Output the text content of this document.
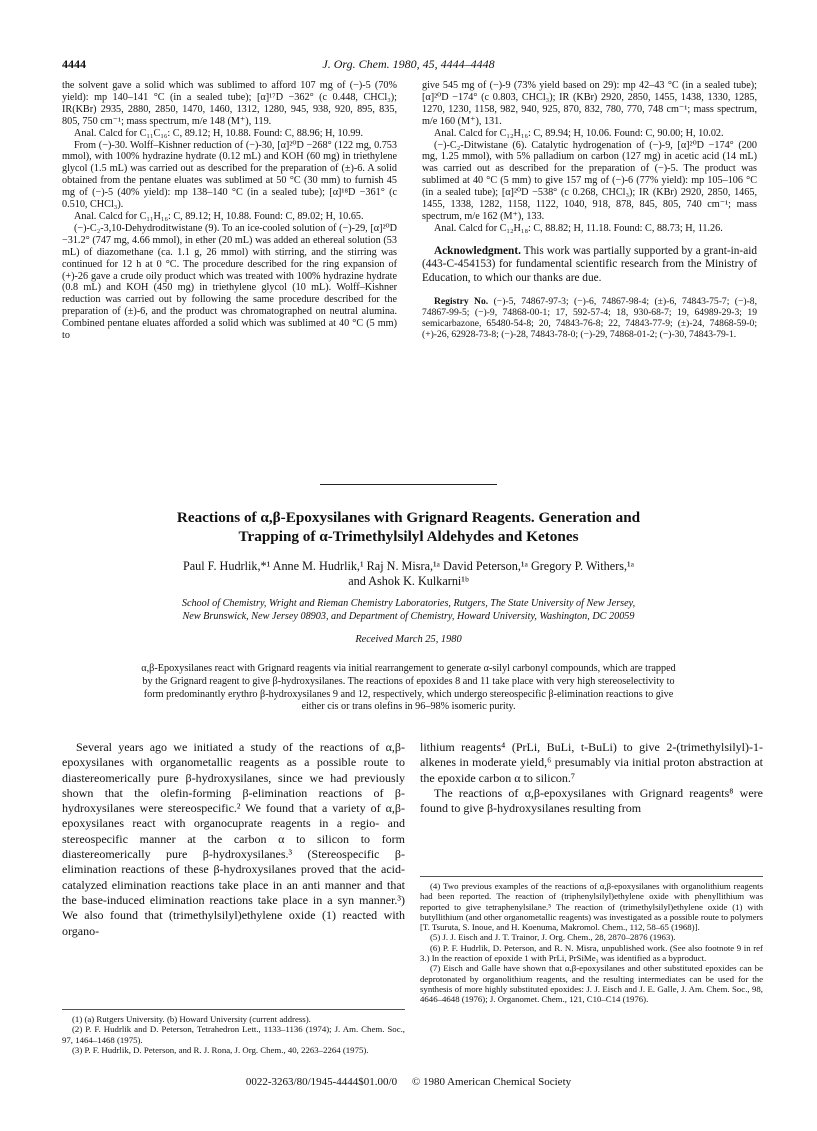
4444	J. Org. Chem. 1980, 45, 4444–4448

the solvent gave a solid which was sublimed to afford 107 mg of (−)-5 (70% yield): mp 140–141 °C (in a sealed tube); [α]¹⁷D −362° (c 0.448, CHCl₃); IR(KBr) 2935, 2880, 2850, 1470, 1460, 1312, 1280, 945, 938, 920, 895, 835, 805, 750 cm⁻¹; mass spectrum, m/e 148 (M⁺), 119.

Anal. Calcd for C₁₁C₁₆: C, 89.12; H, 10.88. Found: C, 88.96; H, 10.99.

From (−)-30. Wolff–Kishner reduction of (−)-30, [α]²⁰D −268° (122 mg, 0.753 mmol), with 100% hydrazine hydrate (0.12 mL) and KOH (60 mg) in triethylene glycol (1.5 mL) was carried out as described for the preparation of (±)-6. A solid obtained from the pentane eluates was sublimed at 50 °C (30 mm) to furnish 45 mg of (−)-5 (40% yield): mp 138–140 °C (in a sealed tube); [α]¹⁸D −361° (c 0.510, CHCl₃).

Anal. Calcd for C₁₁H₁₆: C, 89.12; H, 10.88. Found: C, 89.02; H, 10.65.

(−)-C₂-3,10-Dehydroditwistane (9). To an ice-cooled solution of (−)-29, [α]²⁰D −31.2° (747 mg, 4.66 mmol), in ether (20 mL) was added an ethereal solution (53 mL) of diazomethane (ca. 1.1 g, 26 mmol) with stirring, and the stirring was continued for 12 h at 0 °C. The procedure described for the ring expansion of (+)-26 gave a crude oily product which was treated with 100% hydrazine hydrate (0.8 mL) and KOH (450 mg) in triethylene glycol (10 mL). Wolff–Kishner reduction was carried out by following the same procedure described for the preparation of (±)-6, and the product was chromatographed on neutral alumina. Combined pentane eluates afforded a solid which was sublimed at 40 °C (5 mm) to

give 545 mg of (−)-9 (73% yield based on 29): mp 42–43 °C (in a sealed tube); [α]²⁰D −174° (c 0.803, CHCl₃); IR (KBr) 2920, 2850, 1455, 1438, 1330, 1285, 1270, 1230, 1158, 982, 940, 925, 870, 832, 780, 770, 748 cm⁻¹; mass spectrum, m/e 160 (M⁺), 131.

Anal. Calcd for C₁₂H₁₆: C, 89.94; H, 10.06. Found: C, 90.00; H, 10.02.

(−)-C₂-Ditwistane (6). Catalytic hydrogenation of (−)-9, [α]²⁰D −174° (200 mg, 1.25 mmol), with 5% palladium on carbon (127 mg) in acetic acid (14 mL) was carried out as described for the preparation of (−)-5. The product was sublimed at 40 °C (5 mm) to give 157 mg of (−)-6 (77% yield): mp 105–106 °C (in a sealed tube); [α]²⁰D −538° (c 0.268, CHCl₃); IR (KBr) 2920, 2850, 1465, 1455, 1338, 1282, 1158, 1122, 1040, 918, 878, 845, 805, 740 cm⁻¹; mass spectrum, m/e 162 (M⁺), 133.

Anal. Calcd for C₁₂H₁₈: C, 88.82; H, 11.18. Found: C, 88.73; H, 11.26.

Acknowledgment. This work was partially supported by a grant-in-aid (443-C-454153) for fundamental scientific research from the Ministry of Education, to which our thanks are due.

Registry No. (−)-5, 74867-97-3; (−)-6, 74867-98-4; (±)-6, 74843-75-7; (−)-8, 74867-99-5; (−)-9, 74868-00-1; 17, 592-57-4; 18, 930-68-7; 19, 64989-29-3; 19 semicarbazone, 65480-54-8; 20, 74843-76-8; 22, 74843-77-9; (±)-24, 74868-59-0; (+)-26, 62928-73-8; (−)-28, 74843-78-0; (−)-29, 74868-01-2; (−)-30, 74843-79-1.

Reactions of α,β-Epoxysilanes with Grignard Reagents. Generation and
Trapping of α-Trimethylsilyl Aldehydes and Ketones
Paul F. Hudrlik,*¹ Anne M. Hudrlik,¹ Raj N. Misra,¹ᵃ David Peterson,¹ᵃ Gregory P. Withers,¹ᵃ
and Ashok K. Kulkarni¹ᵇ
School of Chemistry, Wright and Rieman Chemistry Laboratories, Rutgers, The State University of New Jersey,
New Brunswick, New Jersey 08903, and Department of Chemistry, Howard University, Washington, DC 20059
Received March 25, 1980
α,β-Epoxysilanes react with Grignard reagents via initial rearrangement to generate α-silyl carbonyl compounds, which are trapped by the Grignard reagent to give β-hydroxysilanes. The reactions of epoxides 8 and 11 take place with very high stereoselectivity to form predominantly erythro β-hydroxysilanes 9 and 12, respectively, which undergo stereospecific β-elimination reactions to give either cis or trans olefins in 96–98% isomeric purity.

Several years ago we initiated a study of the reactions of α,β-epoxysilanes with organometallic reagents as a possible route to diastereomerically pure β-hydroxysilanes, since we had previously shown that the olefin-forming β-elimination reactions of β-hydroxysilanes were stereospecific.² We found that a variety of α,β-epoxysilanes react with organocuprate reagents in a regio- and stereospecific manner at the carbon α to silicon to form diastereomerically pure β-hydroxysilanes.³ (Stereospecific β-elimination reactions of these β-hydroxysilanes proved that the acid-catalyzed elimination reactions take place in an anti manner and that the base-induced elimination reactions take place in a syn manner.³) We also found that (trimethylsilyl)ethylene oxide (1) reacted with organo-

lithium reagents⁴ (PrLi, BuLi, t-BuLi) to give 2-(trimethylsilyl)-1-alkenes in moderate yield,⁶ presumably via initial proton abstraction at the epoxide carbon α to silicon.⁷

The reactions of α,β-epoxysilanes with Grignard reagents⁸ were found to give β-hydroxysilanes resulting from

(1) (a) Rutgers University. (b) Howard University (current address).

(2) P. F. Hudrlik and D. Peterson, Tetrahedron Lett., 1133–1136 (1974); J. Am. Chem. Soc., 97, 1464–1468 (1975).

(3) P. F. Hudrlik, D. Peterson, and R. J. Rona, J. Org. Chem., 40, 2263–2264 (1975).

(4) Two previous examples of the reactions of α,β-epoxysilanes with organolithium reagents had been reported. The reaction of (triphenylsilyl)ethylene oxide with phenyllithium was reported to give tetraphenylsilane.⁵ The reaction of (trimethylsilyl)ethylene oxide (1) with butyllithium (and other organometallic reagents) was investigated as a possible route to polymers [T. Tsuruta, S. Inoue, and H. Koenuma, Makromol. Chem., 112, 58–65 (1968)].

(5) J. J. Eisch and J. T. Trainor, J. Org. Chem., 28, 2870–2876 (1963).

(6) P. F. Hudrlik, D. Peterson, and R. N. Misra, unpublished work. (See also footnote 9 in ref 3.) In the reaction of epoxide 1 with PrLi, PrSiMe₃ was identified as a byproduct.

(7) Eisch and Galle have shown that α,β-epoxysilanes and other substituted epoxides can be deprotonated by organolithium reagents, and the resulting intermediates can be used for the synthesis of more highly substituted epoxides: J. J. Eisch and J. E. Galle, J. Am. Chem. Soc., 98, 4646–4648 (1976); J. Organomet. Chem., 121, C10–C14 (1976).

0022-3263/80/1945-4444$01.00/0 © 1980 American Chemical Society
